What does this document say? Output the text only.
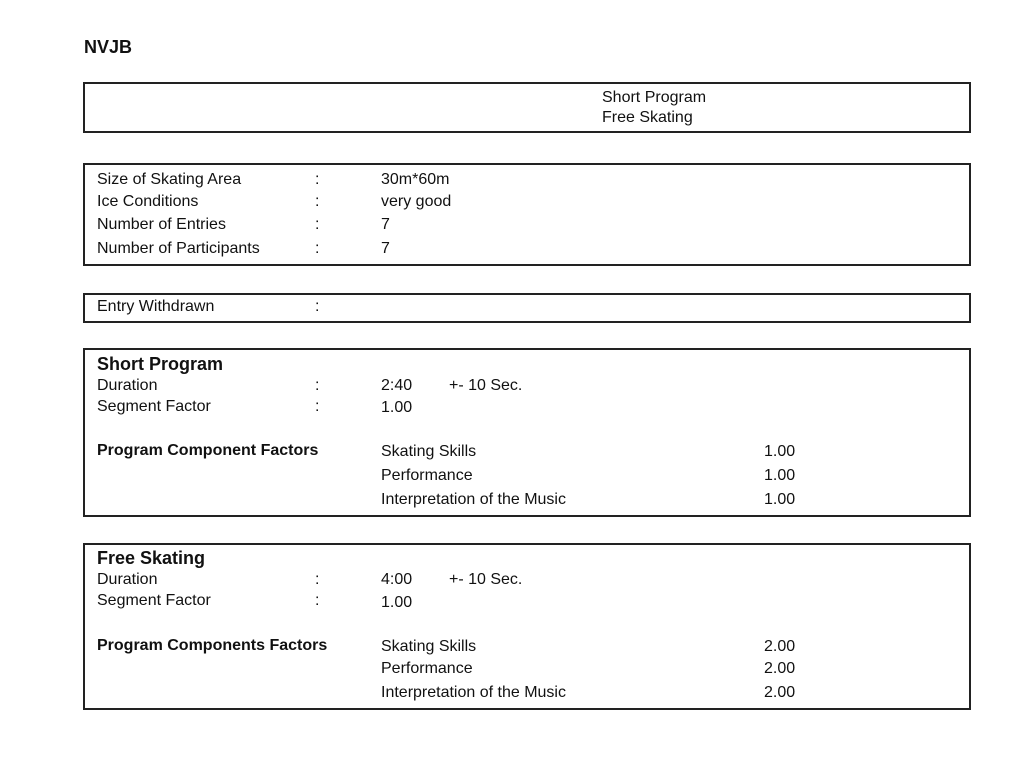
NVJB
Short Program
Free Skating
Size of Skating Area	:	30m*60m
Ice Conditions	:	very good
Number of Entries	:	7
Number of Participants	:	7
Entry Withdrawn	:
Short Program
Duration	:	2:40 +- 10 Sec.
Segment Factor	:	1.00
Program Component Factors	Skating Skills	1.00
Performance	1.00
Interpretation of the Music	1.00
Free Skating
Duration	:	4:00 +- 10 Sec.
Segment Factor	:	1.00
Program Components Factors	Skating Skills	2.00
Performance	2.00
Interpretation of the Music	2.00
